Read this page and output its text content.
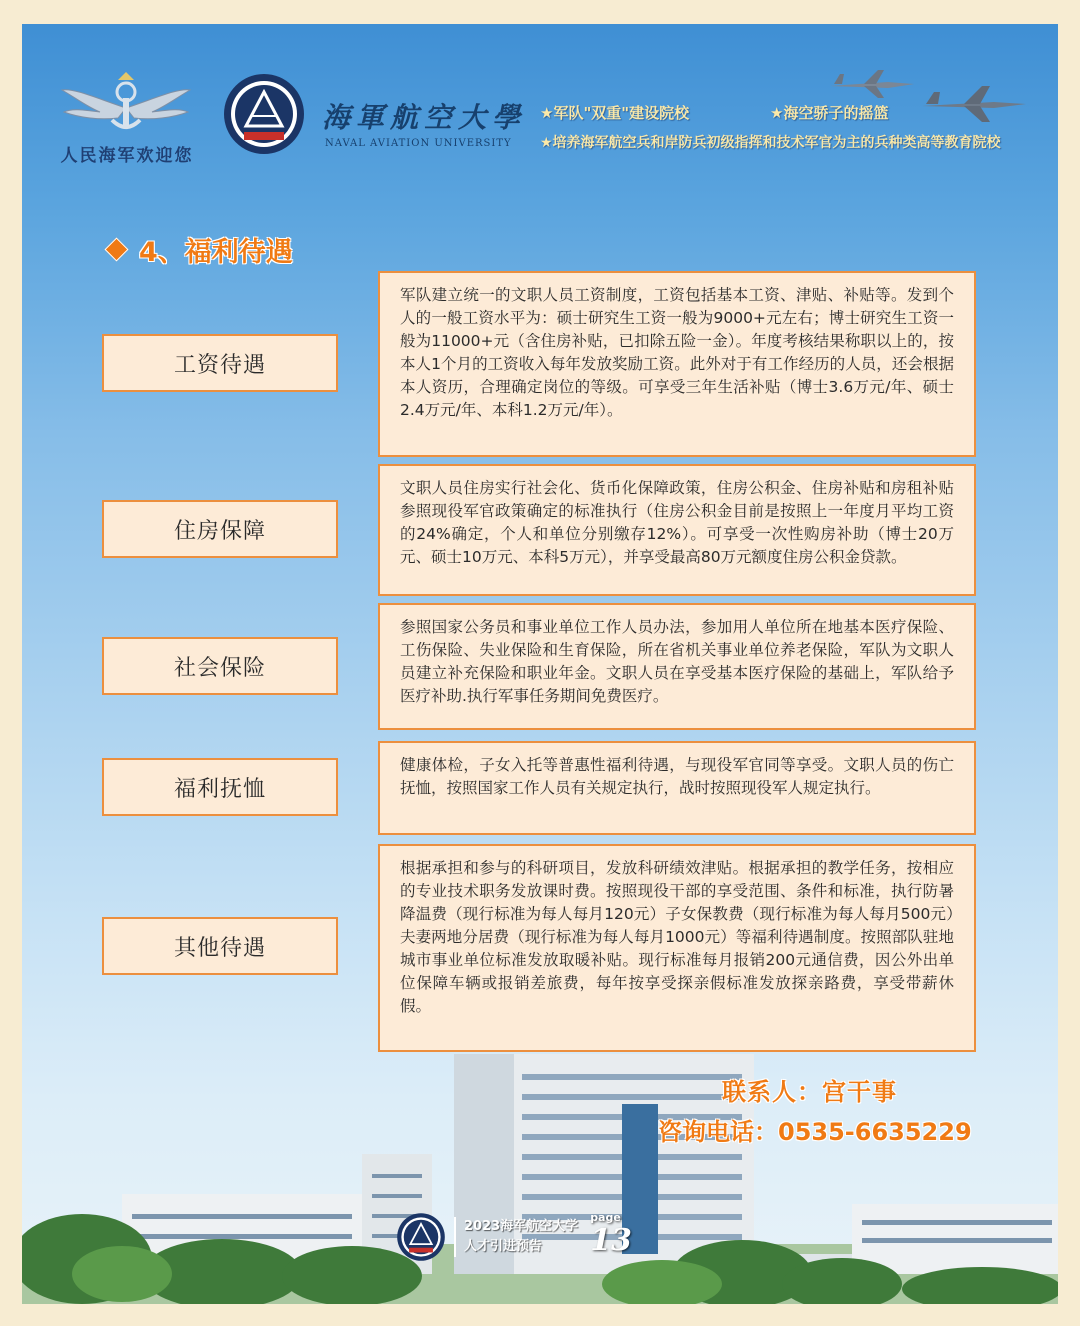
人民海军欢迎您
海軍航空大學
NAVAL AVIATION UNIVERSITY
★军队"双重"建设院校	★海空骄子的摇篮
★培养海军航空兵和岸防兵初级指挥和技术军官为主的兵种类高等教育院校
4、福利待遇
工资待遇
军队建立统一的文职人员工资制度，工资包括基本工资、津贴、补贴等。发到个人的一般工资水平为：硕士研究生工资一般为9000+元左右；博士研究生工资一般为11000+元（含住房补贴，已扣除五险一金）。年度考核结果称职以上的，按本人1个月的工资收入每年发放奖励工资。此外对于有工作经历的人员，还会根据本人资历，合理确定岗位的等级。可享受三年生活补贴（博士3.6万元/年、硕士2.4万元/年、本科1.2万元/年）。
住房保障
文职人员住房实行社会化、货币化保障政策，住房公积金、住房补贴和房租补贴参照现役军官政策确定的标准执行（住房公积金目前是按照上一年度月平均工资的24%确定，个人和单位分别缴存12%）。可享受一次性购房补助（博士20万元、硕士10万元、本科5万元），并享受最高80万元额度住房公积金贷款。
社会保险
参照国家公务员和事业单位工作人员办法，参加用人单位所在地基本医疗保险、工伤保险、失业保险和生育保险，所在省机关事业单位养老保险，军队为文职人员建立补充保险和职业年金。文职人员在享受基本医疗保险的基础上，军队给予医疗补助.执行军事任务期间免费医疗。
福利抚恤
健康体检，子女入托等普惠性福利待遇，与现役军官同等享受。文职人员的伤亡抚恤，按照国家工作人员有关规定执行，战时按照现役军人规定执行。
其他待遇
根据承担和参与的科研项目，发放科研绩效津贴。根据承担的教学任务，按相应的专业技术职务发放课时费。按照现役干部的享受范围、条件和标准，执行防暑降温费（现行标准为每人每月120元）子女保教费（现行标准为每人每月500元）夫妻两地分居费（现行标准为每人每月1000元）等福利待遇制度。按照部队驻地城市事业单位标准发放取暖补贴。现行标准每月报销200元通信费，因公外出单位保障车辆或报销差旅费，每年按享受探亲假标准发放探亲路费，享受带薪休假。
联系人：宫干事
咨询电话：0535-6635229
2023海军航空大学
人才引进预告
page
13
